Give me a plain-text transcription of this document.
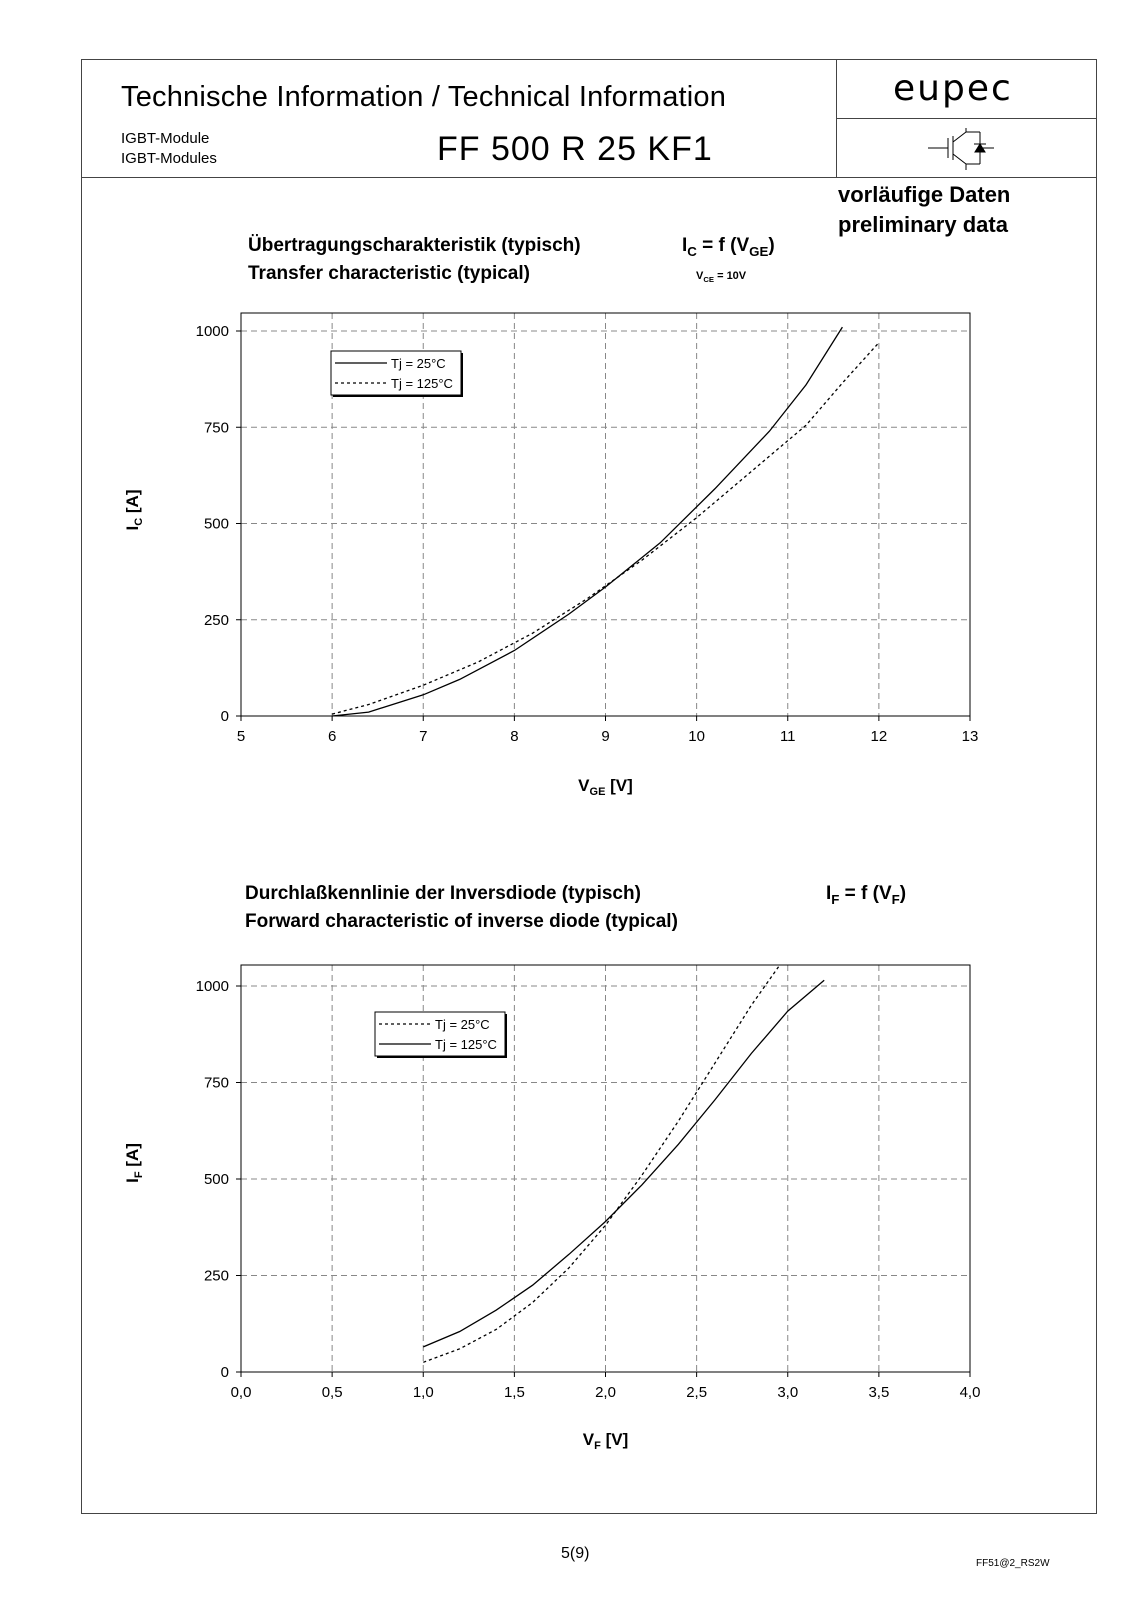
Technische Information / Technical Information
IGBT-Module
IGBT-Modules	FF 500 R 25 KF1
eupec
vorläufige Daten
preliminary data
Übertragungscharakteristik (typisch)
Transfer characteristic (typical)
$I_C = f$ $(V_{GE})$
$V_{CE} = 10V$
Durchlaßkennlinie der Inversdiode (typisch)
Forward characteristic of inverse diode (typical)
$I_F = f$ $(V_F)$
5	6	7	8	9	10	11	12	13
0
250
500
750
1000
Tj = 25°C
Tj = 125°C
$V_{GE}$ [V]
$I_C$ [A]
0,0	0,5	1,0	1,5	2,0	2,5	3,0	3,5	4,0
0
250
500
750
1000
Tj = 25°C
Tj = 125°C
$V_F$ [V]
$I_F$ [A]
5(9)
FF51@2_RS2W
